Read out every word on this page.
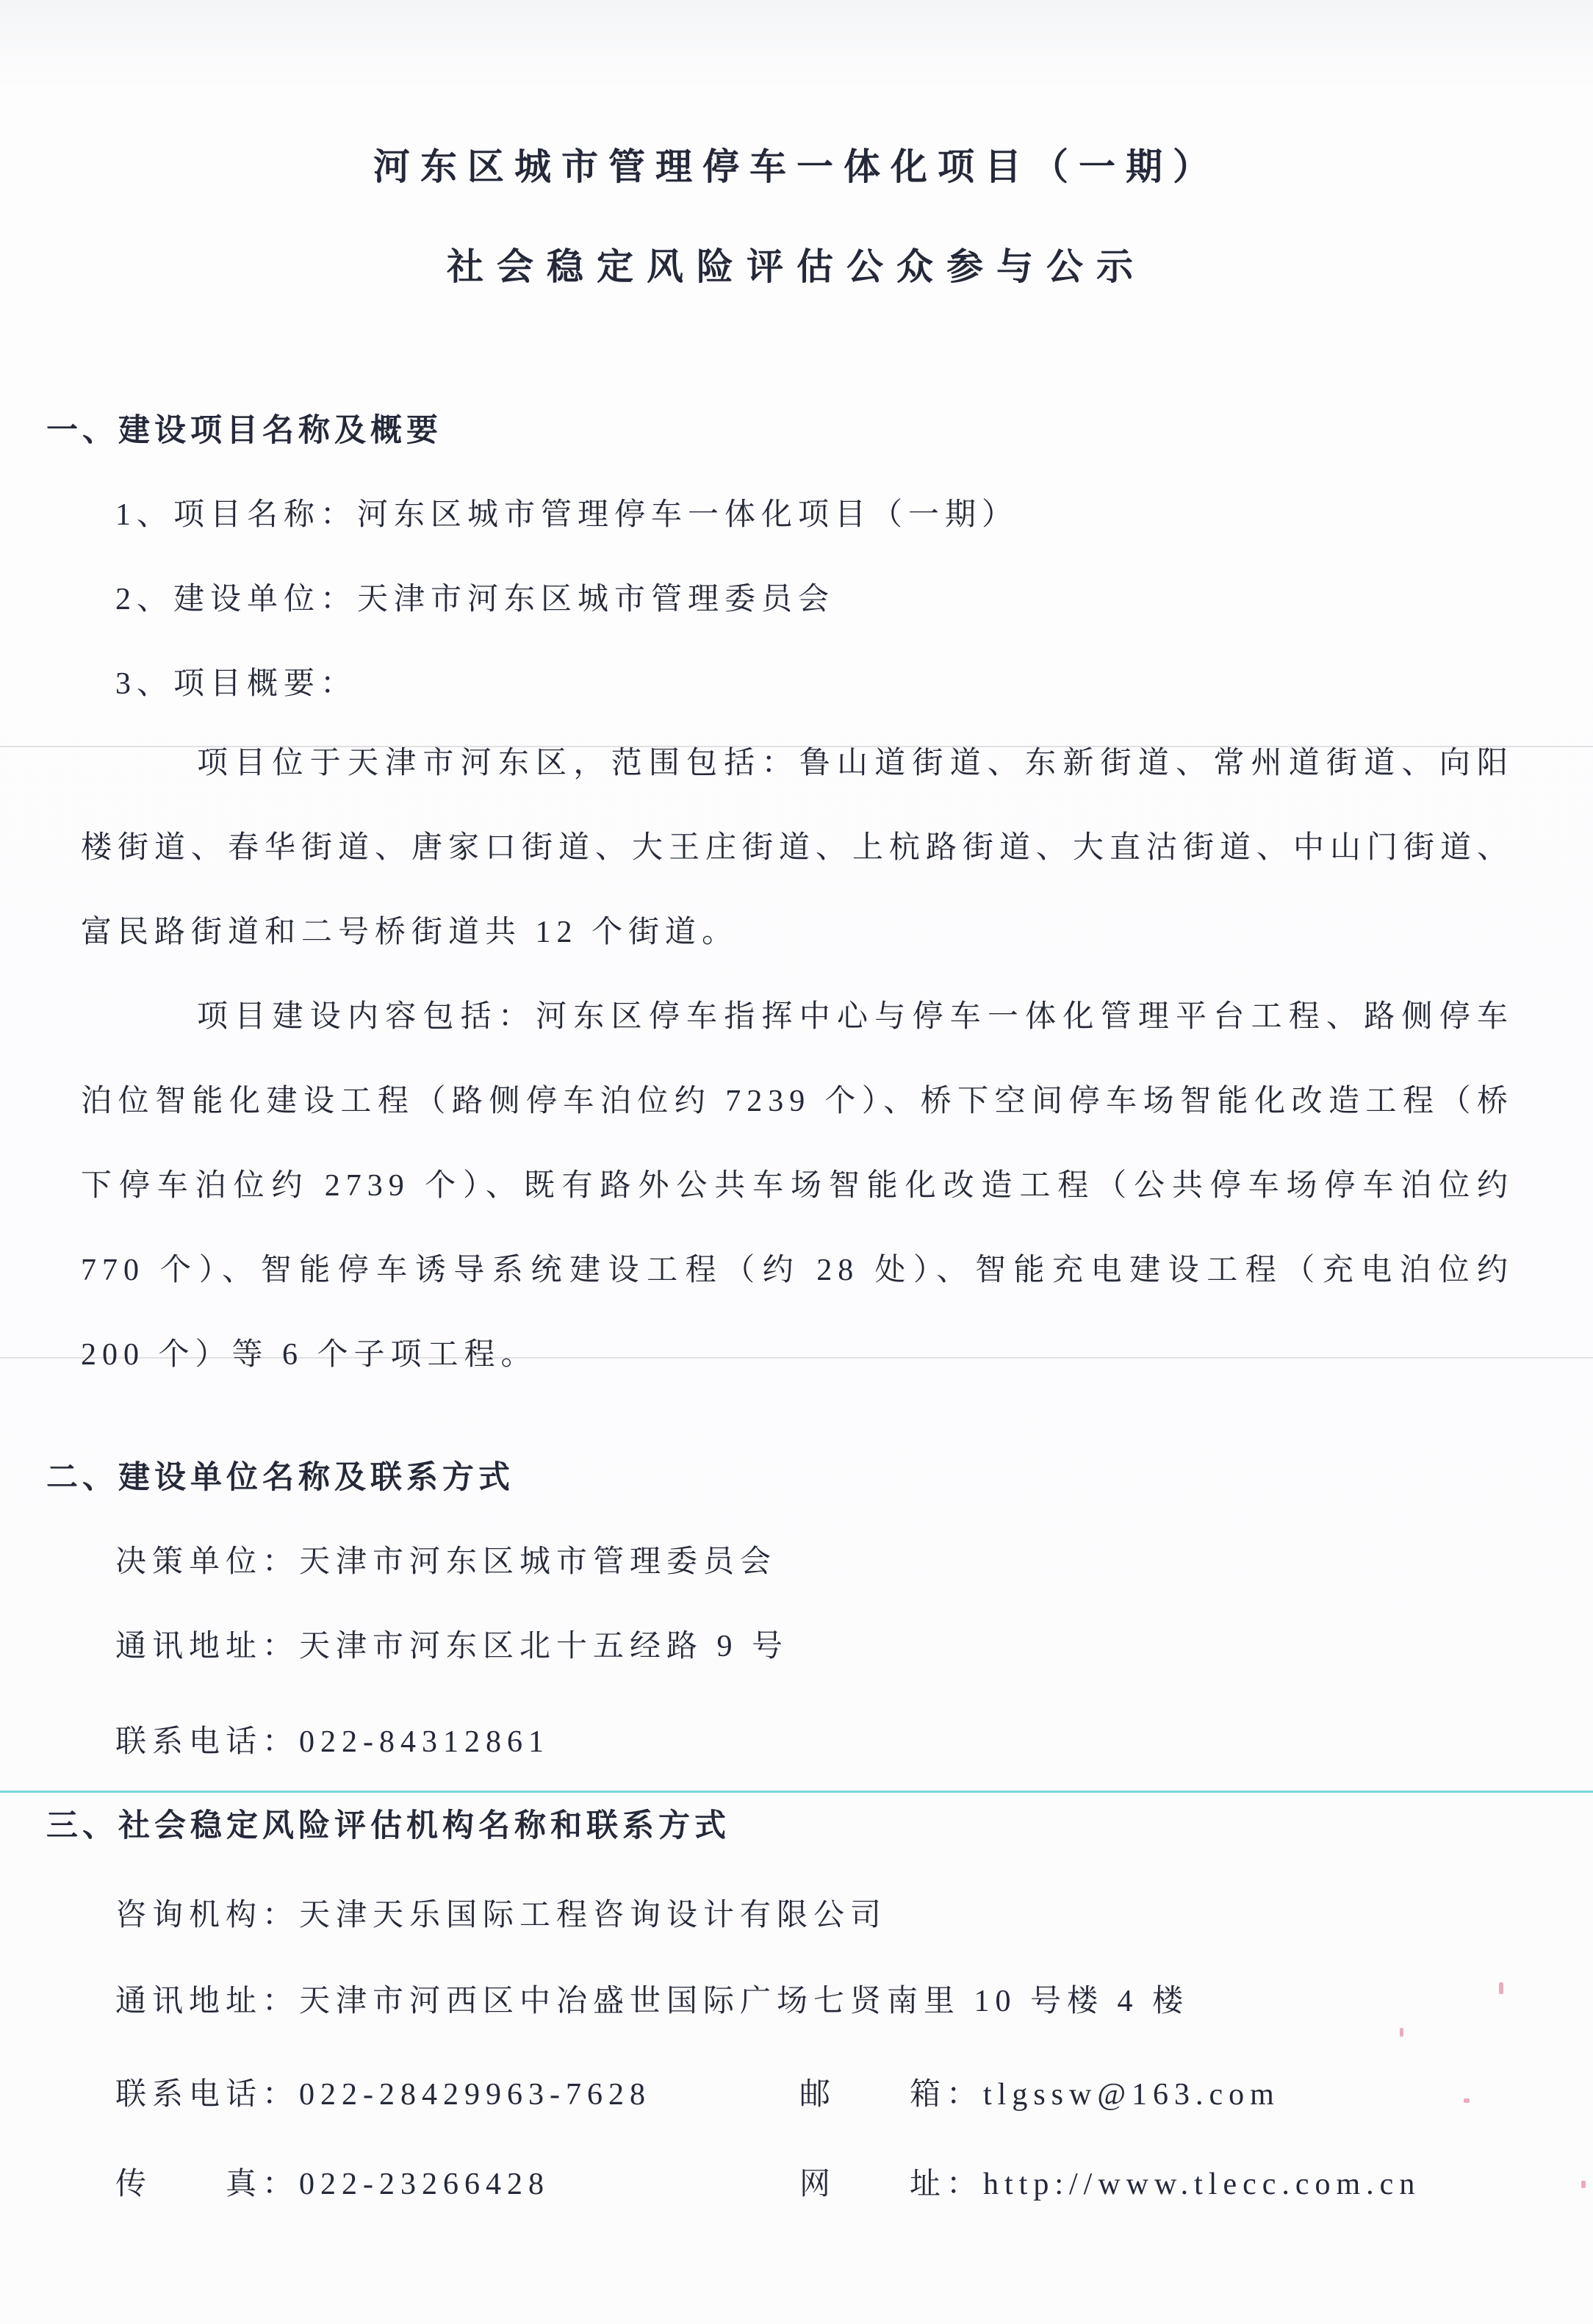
河东区城市管理停车一体化项目（一期）
社会稳定风险评估公众参与公示
一、建设项目名称及概要
1、项目名称：河东区城市管理停车一体化项目（一期）
2、建设单位：天津市河东区城市管理委员会
3、项目概要：
项目位于天津市河东区，范围包括：鲁山道街道、东新街道、常州道街道、向阳楼街道、春华街道、唐家口街道、大王庄街道、上杭路街道、大直沽街道、中山门街道、富民路街道和二号桥街道共 12 个街道。
项目建设内容包括：河东区停车指挥中心与停车一体化管理平台工程、路侧停车泊位智能化建设工程（路侧停车泊位约 7239 个）、桥下空间停车场智能化改造工程（桥下停车泊位约 2739 个）、既有路外公共车场智能化改造工程（公共停车场停车泊位约 770 个）、智能停车诱导系统建设工程（约 28 处）、智能充电建设工程（充电泊位约 200 个）等 6 个子项工程。
二、建设单位名称及联系方式
决策单位：天津市河东区城市管理委员会
通讯地址：天津市河东区北十五经路 9 号
联系电话：022-84312861
三、社会稳定风险评估机构名称和联系方式
咨询机构：天津天乐国际工程咨询设计有限公司
通讯地址：天津市河西区中冶盛世国际广场七贤南里 10 号楼 4 楼
联系电话：022-28429963-7628	邮　　箱：tlgssw@163.com
传　　真：022-23266428	网　　址：http://www.tlecc.com.cn
